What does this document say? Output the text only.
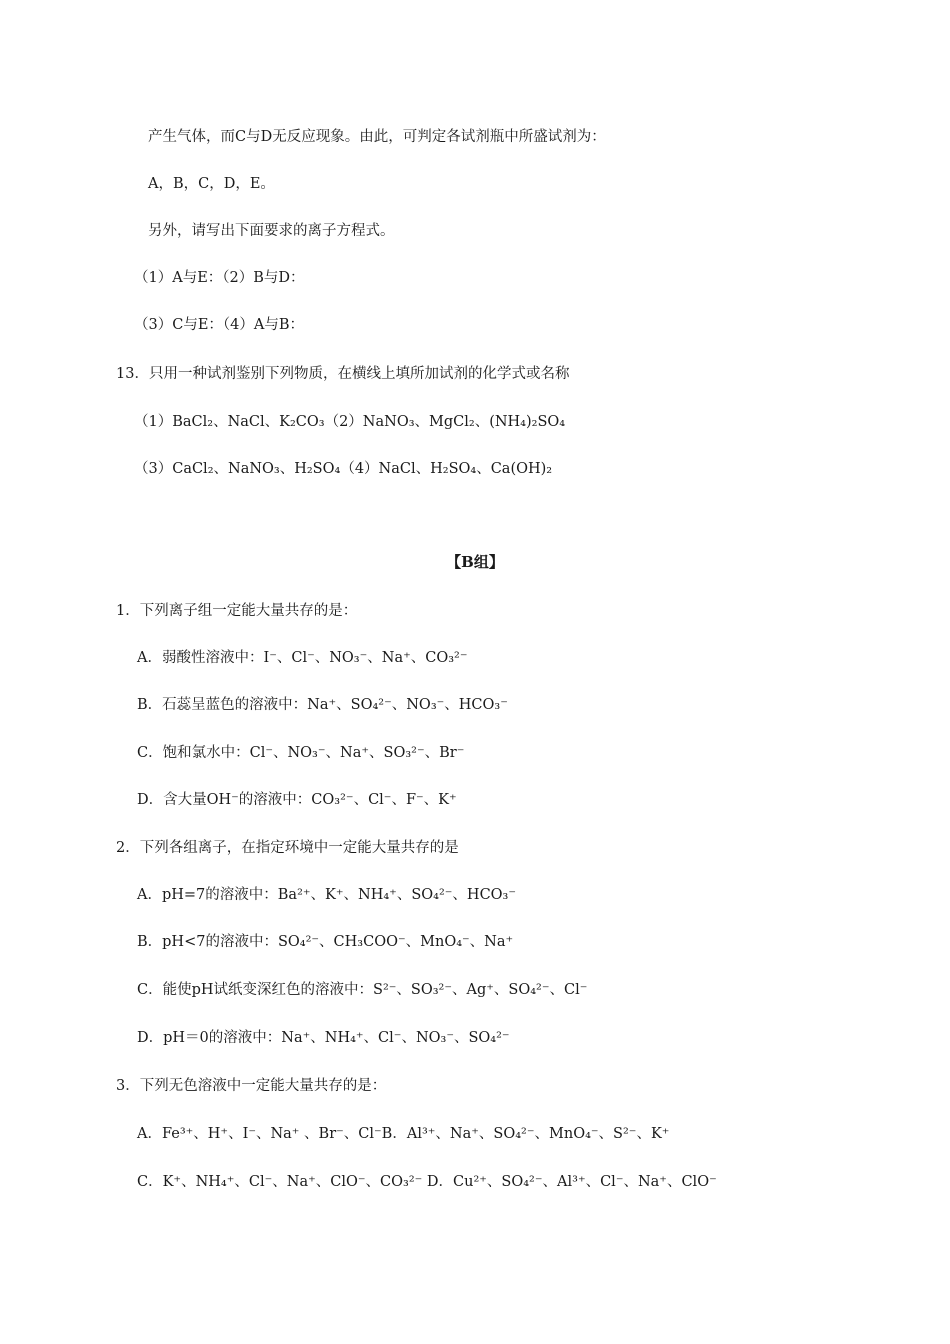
产生气体，而C与D无反应现象。由此，可判定各试剂瓶中所盛试剂为：
A，B，C，D，E。
另外，请写出下面要求的离子方程式。
（1）A与E：（2）B与D：
（3）C与E：（4）A与B：
13．只用一种试剂鉴别下列物质，在横线上填所加试剂的化学式或名称
（1）BaCl₂、NaCl、K₂CO₃（2）NaNO₃、MgCl₂、(NH₄)₂SO₄
（3）CaCl₂、NaNO₃、H₂SO₄（4）NaCl、H₂SO₄、Ca(OH)₂
【B组】
1．下列离子组一定能大量共存的是：
A．弱酸性溶液中：I⁻、Cl⁻、NO₃⁻、Na⁺、CO₃²⁻
B．石蕊呈蓝色的溶液中：Na⁺、SO₄²⁻、NO₃⁻、HCO₃⁻
C．饱和氯水中：Cl⁻、NO₃⁻、Na⁺、SO₃²⁻、Br⁻
D．含大量OH⁻的溶液中：CO₃²⁻、Cl⁻、F⁻、K⁺
2．下列各组离子，在指定环境中一定能大量共存的是
A．pH=7的溶液中：Ba²⁺、K⁺、NH₄⁺、SO₄²⁻、HCO₃⁻
B．pH<7的溶液中：SO₄²⁻、CH₃COO⁻、MnO₄⁻、Na⁺
C．能使pH试纸变深红色的溶液中：S²⁻、SO₃²⁻、Ag⁺、SO₄²⁻、Cl⁻
D．pH＝0的溶液中：Na⁺、NH₄⁺、Cl⁻、NO₃⁻、SO₄²⁻
3．下列无色溶液中一定能大量共存的是：
A．Fe³⁺、H⁺、I⁻、Na⁺ 、Br⁻、Cl⁻B．Al³⁺、Na⁺、SO₄²⁻、MnO₄⁻、S²⁻、K⁺
C．K⁺、NH₄⁺、Cl⁻、Na⁺、ClO⁻、CO₃²⁻ D．Cu²⁺、SO₄²⁻、Al³⁺、Cl⁻、Na⁺、ClO⁻
